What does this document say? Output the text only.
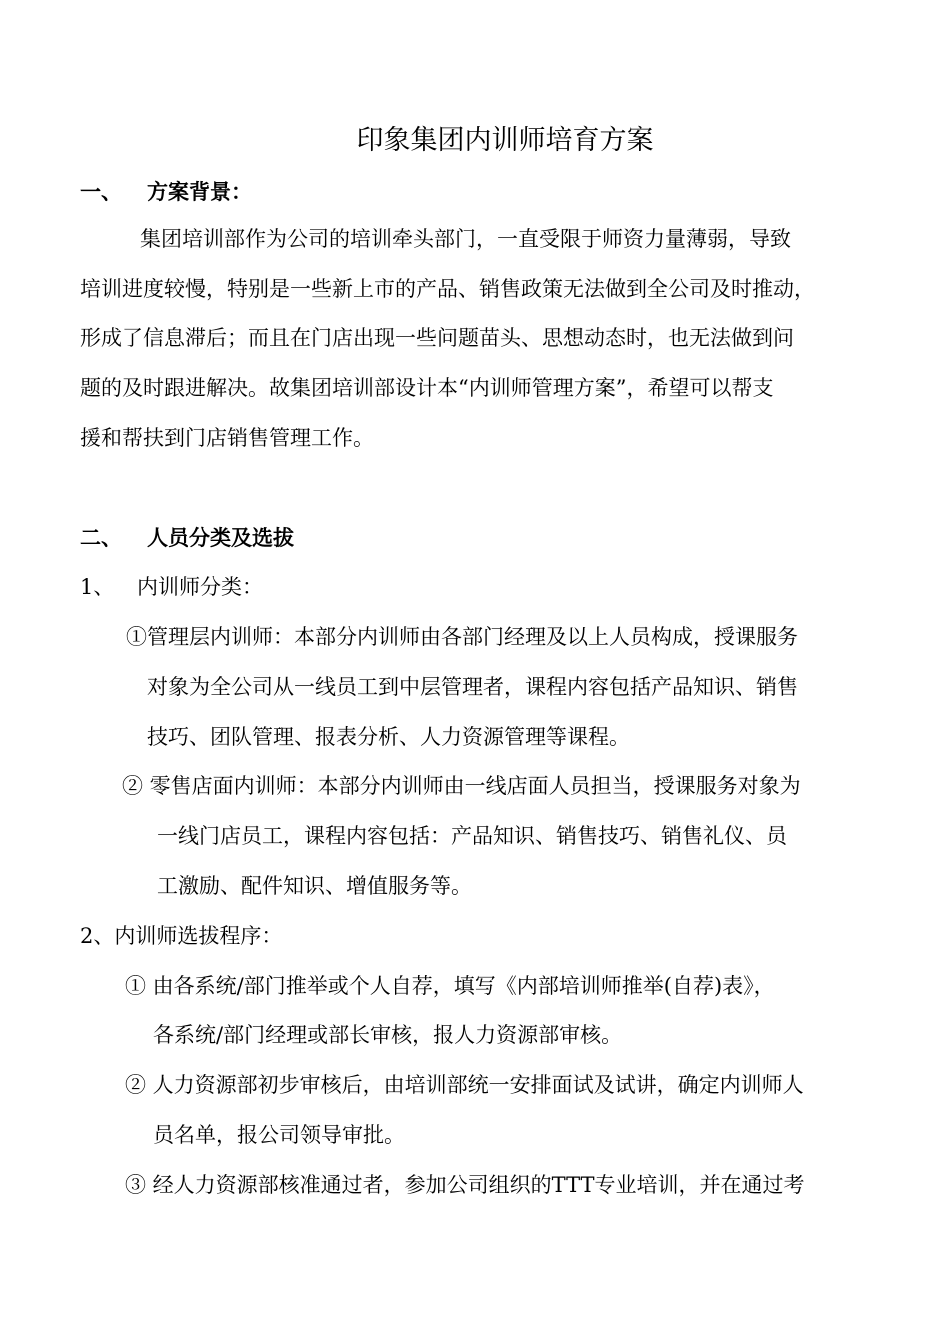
印象集团内训师培育方案
一、 方案背景：
集团培训部作为公司的培训牵头部门，一直受限于师资力量薄弱，导致
培训进度较慢，特别是一些新上市的产品、销售政策无法做到全公司及时推动，
形成了信息滞后；而且在门店出现一些问题苗头、思想动态时，也无法做到问
题的及时跟进解决。故集团培训部设计本“内训师管理方案”，希望可以帮支
援和帮扶到门店销售管理工作。
二、 人员分类及选拔
1、 内训师分类：
①管理层内训师：本部分内训师由各部门经理及以上人员构成，授课服务
对象为全公司从一线员工到中层管理者，课程内容包括产品知识、销售
技巧、团队管理、报表分析、人力资源管理等课程。
② 零售店面内训师：本部分内训师由一线店面人员担当，授课服务对象为
一线门店员工，课程内容包括：产品知识、销售技巧、销售礼仪、员
工激励、配件知识、增值服务等。
2、内训师选拔程序：
① 由各系统/部门推举或个人自荐，填写《内部培训师推举(自荐)表》，
各系统/部门经理或部长审核，报人力资源部审核。
② 人力资源部初步审核后，由培训部统一安排面试及试讲，确定内训师人
员名单，报公司领导审批。
③ 经人力资源部核准通过者，参加公司组织的TTT专业培训，并在通过考
